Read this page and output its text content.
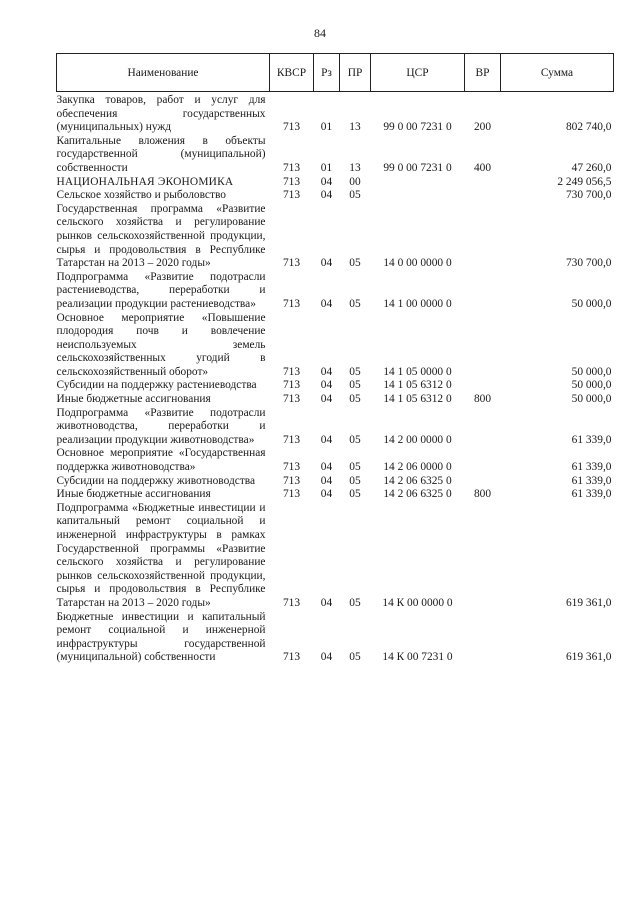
84
Наименование	КВСР	Рз	ПР	ЦСР	ВР	Сумма
Закупка товаров, работ и услуг для обеспечения государственных (муниципальных) нужд	713	01	13	99 0 00 7231 0	200	802 740,0
Капитальные вложения в объекты государственной (муниципальной) собственности	713	01	13	99 0 00 7231 0	400	47 260,0
НАЦИОНАЛЬНАЯ ЭКОНОМИКА	713	04	00			2 249 056,5
Сельское хозяйство и рыболовство	713	04	05			730 700,0
Государственная программа «Развитие сельского хозяйства и регулирование рынков сельскохозяйственной продукции, сырья и продовольствия в Республике Татарстан на 2013 – 2020 годы»	713	04	05	14 0 00 0000 0		730 700,0
Подпрограмма «Развитие подотрасли растениеводства, переработки и реализации продукции растениеводства»	713	04	05	14 1 00 0000 0		50 000,0
Основное мероприятие «Повышение плодородия почв и вовлечение неиспользуемых земель сельскохозяйственных угодий в сельскохозяйственный оборот»	713	04	05	14 1 05 0000 0		50 000,0
Субсидии на поддержку растениеводства	713	04	05	14 1 05 6312 0		50 000,0
Иные бюджетные ассигнования	713	04	05	14 1 05 6312 0	800	50 000,0
Подпрограмма «Развитие подотрасли животноводства, переработки и реализации продукции животноводства»	713	04	05	14 2 00 0000 0		61 339,0
Основное мероприятие «Государственная поддержка животноводства»	713	04	05	14 2 06 0000 0		61 339,0
Субсидии на поддержку животноводства	713	04	05	14 2 06 6325 0		61 339,0
Иные бюджетные ассигнования	713	04	05	14 2 06 6325 0	800	61 339,0
Подпрограмма «Бюджетные инвестиции и капитальный ремонт социальной и инженерной инфраструктуры в рамках Государственной программы «Развитие сельского хозяйства и регулирование рынков сельскохозяйственной продукции, сырья и продовольствия в Республике Татарстан на 2013 – 2020 годы»	713	04	05	14 К 00 0000 0		619 361,0
Бюджетные инвестиции и капитальный ремонт социальной и инженерной инфраструктуры государственной (муниципальной) собственности	713	04	05	14 К 00 7231 0		619 361,0
